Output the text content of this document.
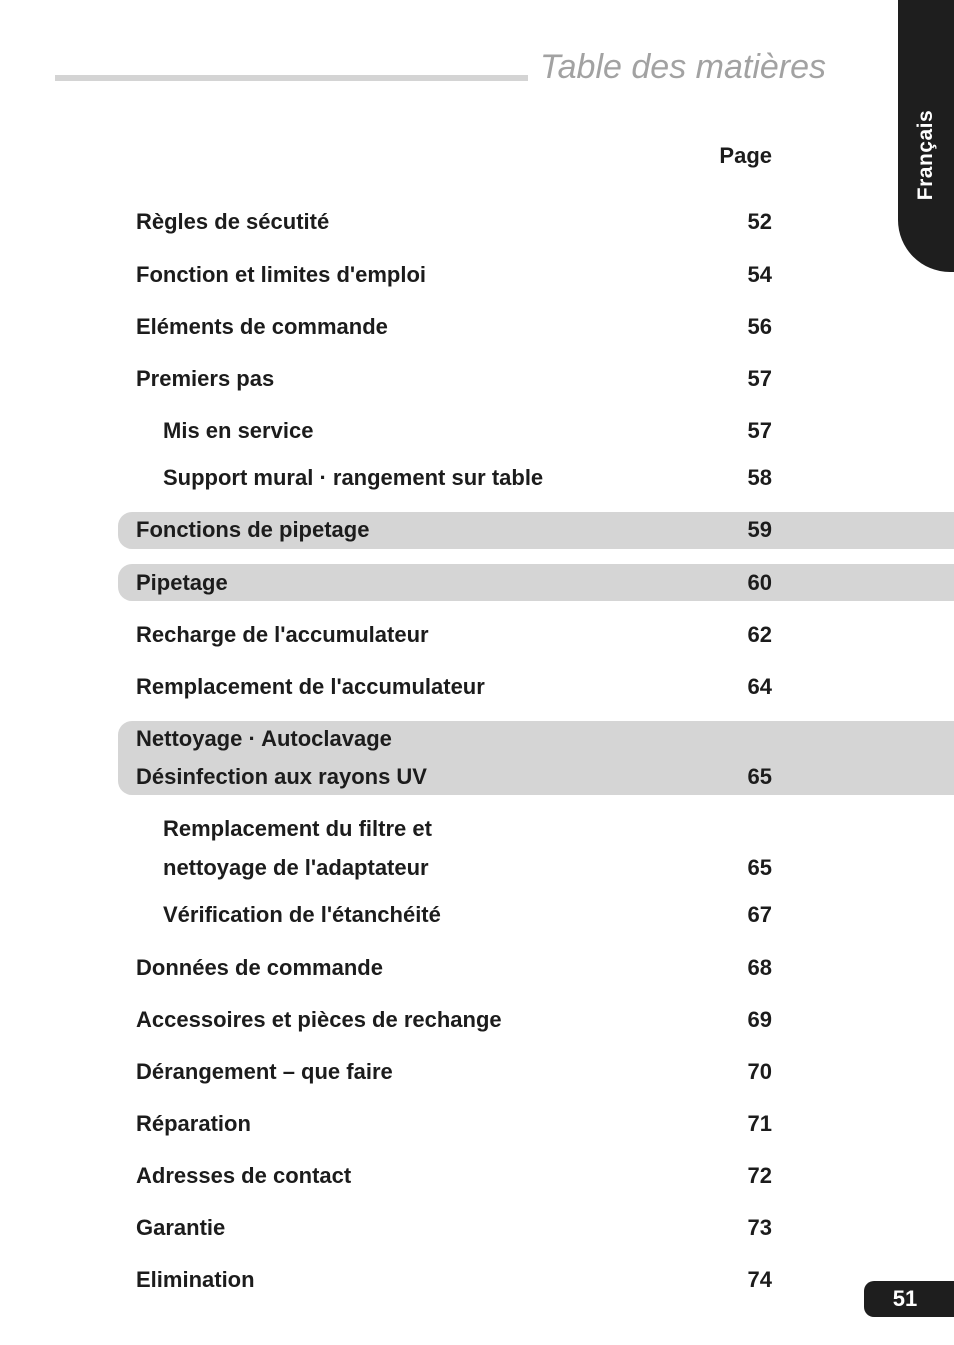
Table des matières
Français
Page
Règles de sécutité	52
Fonction et limites d'emploi	54
Eléments de commande	56
Premiers pas	57
Mis en service	57
Support mural · rangement sur table	58
Fonctions de pipetage	59
Pipetage	60
Recharge de l'accumulateur	62
Remplacement de l'accumulateur	64
Nettoyage · Autoclavage
Désinfection aux rayons UV	65
Remplacement du filtre et
nettoyage de l'adaptateur	65
Vérification de l'étanchéité	67
Données de commande	68
Accessoires et pièces de rechange	69
Dérangement – que faire	70
Réparation	71
Adresses de contact	72
Garantie	73
Elimination	74
51
